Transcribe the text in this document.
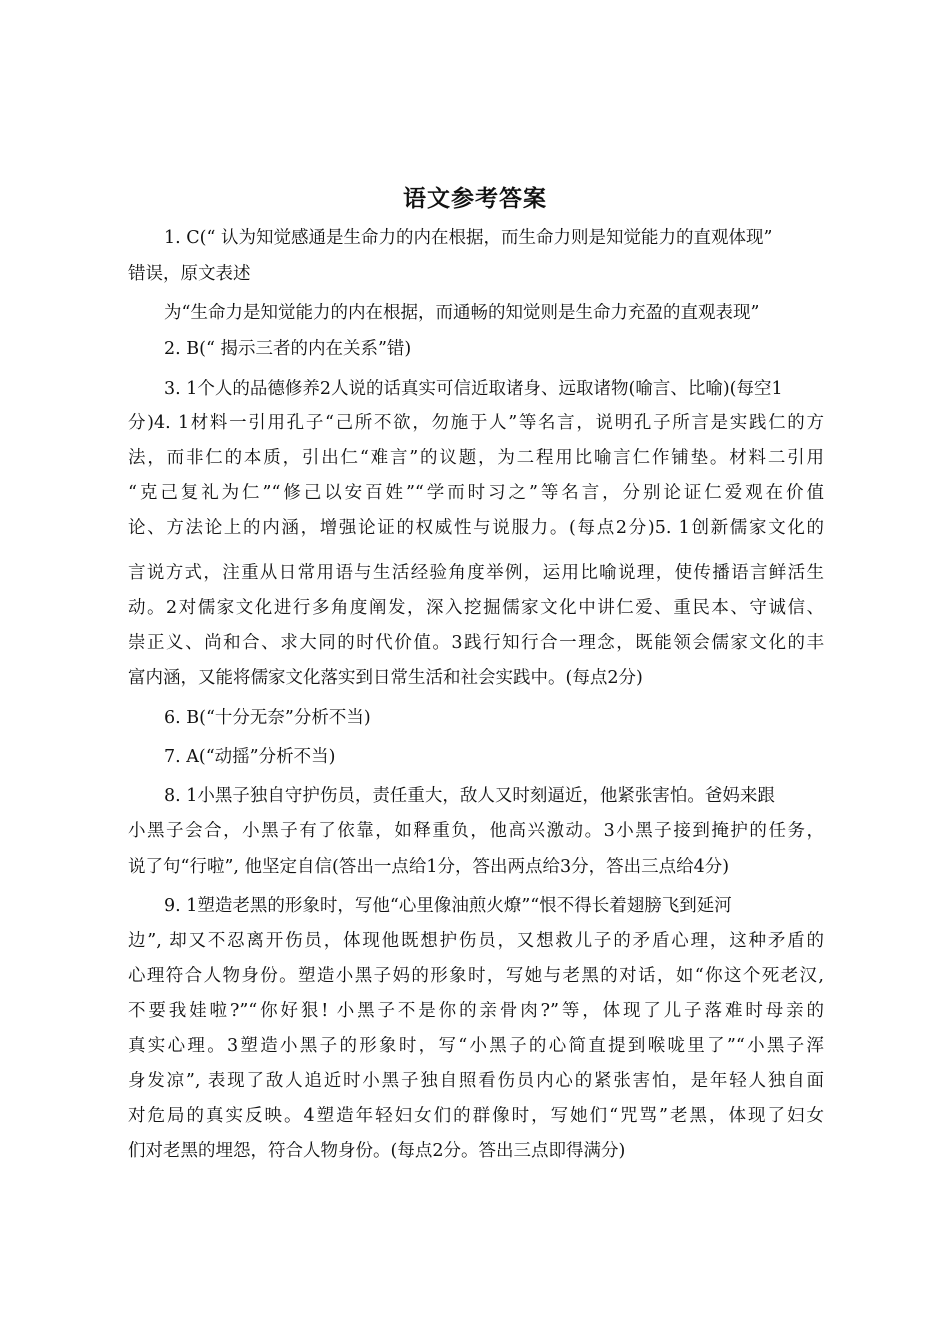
语文参考答案
1. C(“ 认为知觉感通是生命力的内在根据，而生命力则是知觉能力的直观体现”
错误，原文表述
为“生命力是知觉能力的内在根据，而通畅的知觉则是生命力充盈的直观表现”
2. B(“ 揭示三者的内在关系”错)
3. 1个人的品德修养2人说的话真实可信近取诸身、远取诸物(喻言、比喻)(每空1
分)4. 1材料一引用孔子“己所不欲，勿施于人”等名言，说明孔子所言是实践仁的方
法，而非仁的本质，引出仁“难言”的议题，为二程用比喻言仁作铺垫。材料二引用
“克己复礼为仁”“修己以安百姓”“学而时习之”等名言，分别论证仁爱观在价值
论、方法论上的内涵，增强论证的权威性与说服力。(每点2分)5. 1创新儒家文化的
言说方式，注重从日常用语与生活经验角度举例，运用比喻说理，使传播语言鲜活生
动。2对儒家文化进行多角度阐发，深入挖掘儒家文化中讲仁爱、重民本、守诚信、
崇正义、尚和合、求大同的时代价值。3践行知行合一理念，既能领会儒家文化的丰
富内涵，又能将儒家文化落实到日常生活和社会实践中。(每点2分)
6. B(“十分无奈”分析不当)
7. A(“动摇”分析不当)
8. 1小黑子独自守护伤员，责任重大，敌人又时刻逼近，他紧张害怕。爸妈来跟
小黑子会合，小黑子有了依靠，如释重负，他高兴激动。3小黑子接到掩护的任务，
说了句“行啦”, 他坚定自信(答出一点给1分，答出两点给3分，答出三点给4分)
9. 1塑造老黑的形象时，写他“心里像油煎火燎”“恨不得长着翅膀飞到延河
边”, 却又不忍离开伤员，体现他既想护伤员，又想救儿子的矛盾心理，这种矛盾的
心理符合人物身份。塑造小黑子妈的形象时，写她与老黑的对话，如“你这个死老汉,
不要我娃啦?”“你好狠! 小黑子不是你的亲骨肉?”等，体现了儿子落难时母亲的
真实心理。3塑造小黑子的形象时，写“小黑子的心简直提到喉咙里了”“小黑子浑
身发凉”, 表现了敌人追近时小黑子独自照看伤员内心的紧张害怕，是年轻人独自面
对危局的真实反映。4塑造年轻妇女们的群像时，写她们“咒骂”老黑，体现了妇女
们对老黑的埋怨，符合人物身份。(每点2分。答出三点即得满分)
